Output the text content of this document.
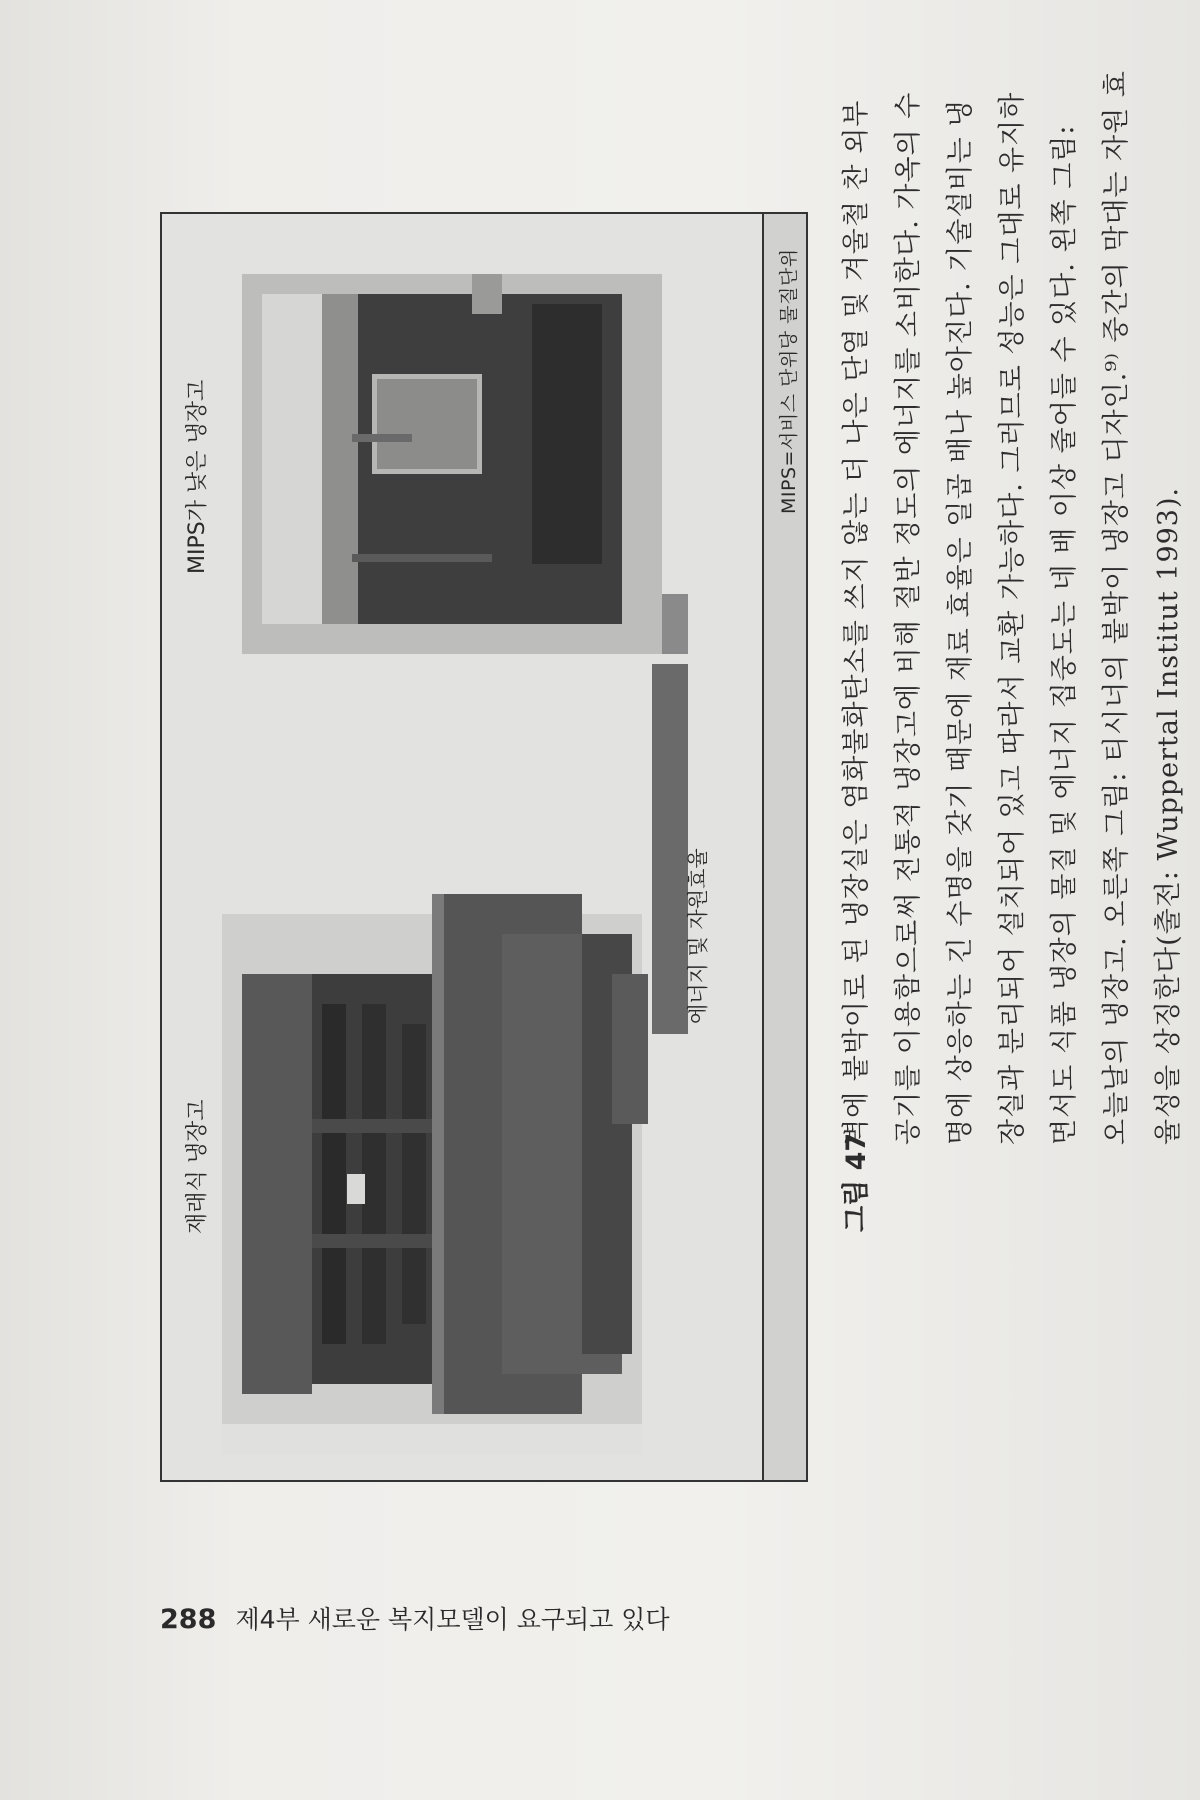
재래식 냉장고
MIPS가 낮은 냉장고
에너지 및 자원효율
MIPS=서비스 단위당 물질단위
그림 47
벽에 붙박이로 된 냉장실은 염화불화탄소를 쓰지 않는 더 나은 단열 및 겨울철 찬 외부 공기를 이용함으로써 전통적 냉장고에 비해 절반 정도의 에너지를 소비한다. 가옥의 수 명에 상응하는 긴 수명을 갖기 때문에 재료 효율은 일곱 배나 높아진다. 기술설비는 냉 장실과 분리되어 설치되어 있고 따라서 교환 가능하다. 그러므로 성능은 그대로 유지하 면서도 식품 냉장의 물질 및 에너지 집중도는 네 배 이상 줄어들 수 있다. 왼쪽 그림: 오늘날의 냉장고. 오른쪽 그림: 티시너의 붙박이 냉장고 디자인.⁹⁾ 중간의 막대는 자원 효 율성을 상징한다(출전: Wuppertal Institut 1993).
288 제4부 새로운 복지모델이 요구되고 있다
